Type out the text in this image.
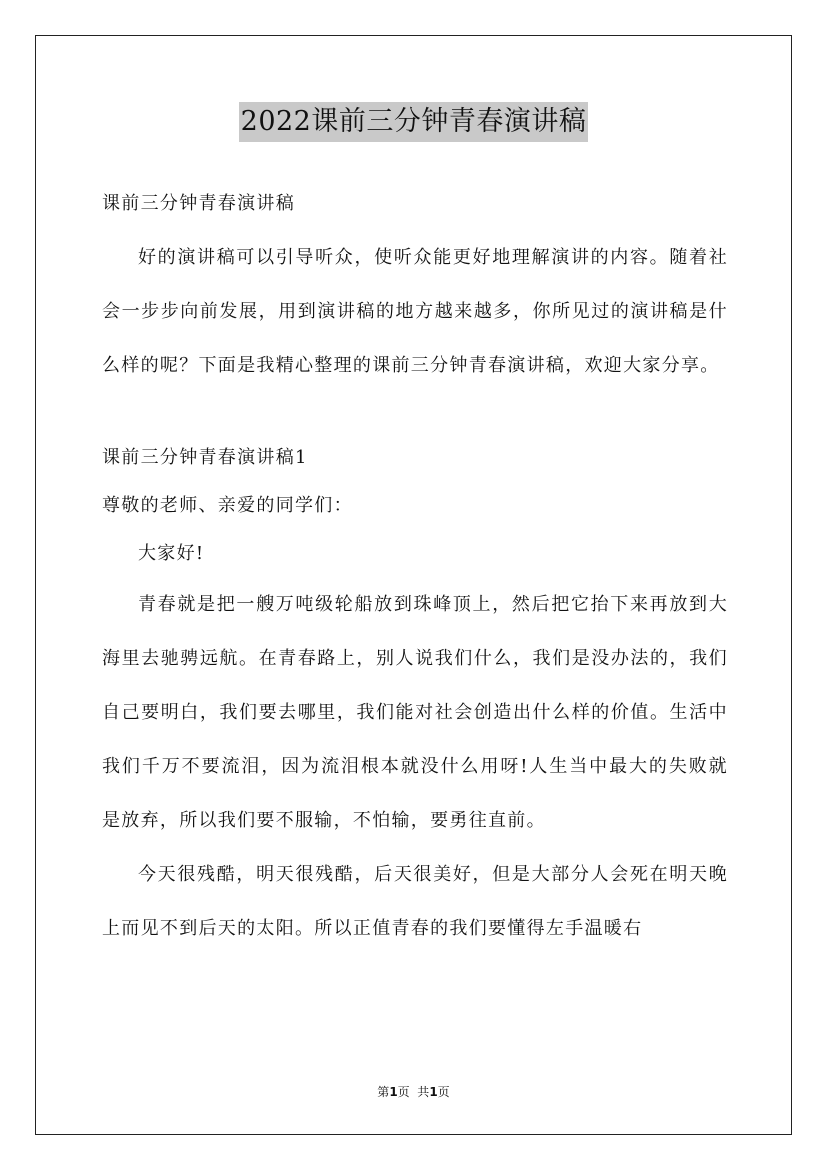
2022课前三分钟青春演讲稿

课前三分钟青春演讲稿

好的演讲稿可以引导听众，使听众能更好地理解演讲的内容。随着社会一步步向前发展，用到演讲稿的地方越来越多，你所见过的演讲稿是什么样的呢？下面是我精心整理的课前三分钟青春演讲稿，欢迎大家分享。

课前三分钟青春演讲稿1

尊敬的老师、亲爱的同学们：

大家好!

青春就是把一艘万吨级轮船放到珠峰顶上，然后把它抬下来再放到大海里去驰骋远航。在青春路上，别人说我们什么，我们是没办法的，我们自己要明白，我们要去哪里，我们能对社会创造出什么样的价值。生活中我们千万不要流泪，因为流泪根本就没什么用呀!人生当中最大的失败就是放弃，所以我们要不服输，不怕输，要勇往直前。

今天很残酷，明天很残酷，后天很美好，但是大部分人会死在明天晚上而见不到后天的太阳。所以正值青春的我们要懂得左手温暖右

第1页  共1页
